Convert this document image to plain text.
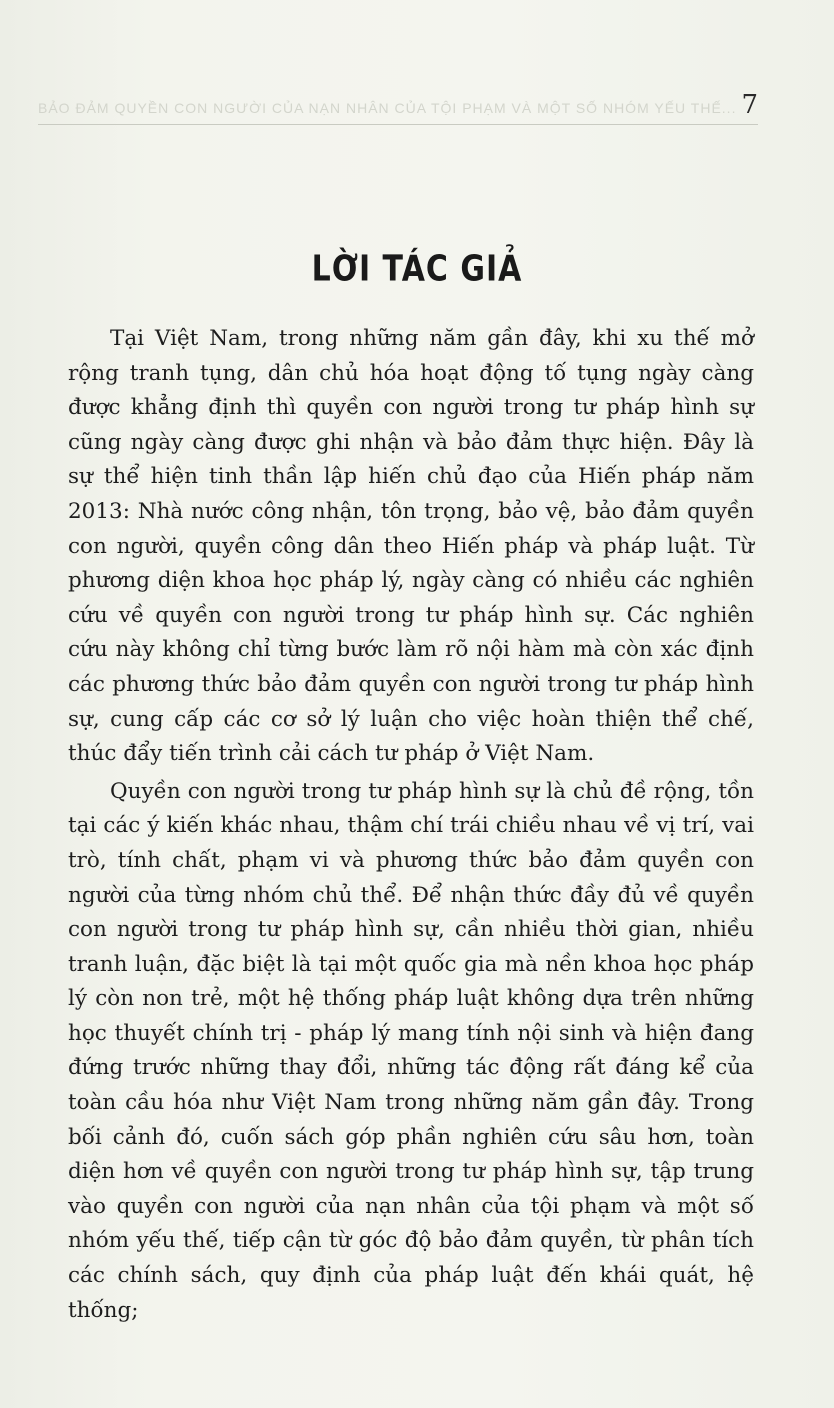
BẢO ĐẢM QUYỀN CON NGƯỜI CỦA NẠN NHÂN CỦA TỘI PHẠM VÀ MỘT SỐ NHÓM YẾU THẾ... 7
LỜI TÁC GIẢ

Tại Việt Nam, trong những năm gần đây, khi xu thế mở rộng tranh tụng, dân chủ hóa hoạt động tố tụng ngày càng được khẳng định thì quyền con người trong tư pháp hình sự cũng ngày càng được ghi nhận và bảo đảm thực hiện. Đây là sự thể hiện tinh thần lập hiến chủ đạo của Hiến pháp năm 2013: Nhà nước công nhận, tôn trọng, bảo vệ, bảo đảm quyền con người, quyền công dân theo Hiến pháp và pháp luật. Từ phương diện khoa học pháp lý, ngày càng có nhiều các nghiên cứu về quyền con người trong tư pháp hình sự. Các nghiên cứu này không chỉ từng bước làm rõ nội hàm mà còn xác định các phương thức bảo đảm quyền con người trong tư pháp hình sự, cung cấp các cơ sở lý luận cho việc hoàn thiện thể chế, thúc đẩy tiến trình cải cách tư pháp ở Việt Nam.

Quyền con người trong tư pháp hình sự là chủ đề rộng, tồn tại các ý kiến khác nhau, thậm chí trái chiều nhau về vị trí, vai trò, tính chất, phạm vi và phương thức bảo đảm quyền con người của từng nhóm chủ thể. Để nhận thức đầy đủ về quyền con người trong tư pháp hình sự, cần nhiều thời gian, nhiều tranh luận, đặc biệt là tại một quốc gia mà nền khoa học pháp lý còn non trẻ, một hệ thống pháp luật không dựa trên những học thuyết chính trị - pháp lý mang tính nội sinh và hiện đang đứng trước những thay đổi, những tác động rất đáng kể của toàn cầu hóa như Việt Nam trong những năm gần đây. Trong bối cảnh đó, cuốn sách góp phần nghiên cứu sâu hơn, toàn diện hơn về quyền con người trong tư pháp hình sự, tập trung vào quyền con người của nạn nhân của tội phạm và một số nhóm yếu thế, tiếp cận từ góc độ bảo đảm quyền, từ phân tích các chính sách, quy định của pháp luật đến khái quát, hệ thống;
